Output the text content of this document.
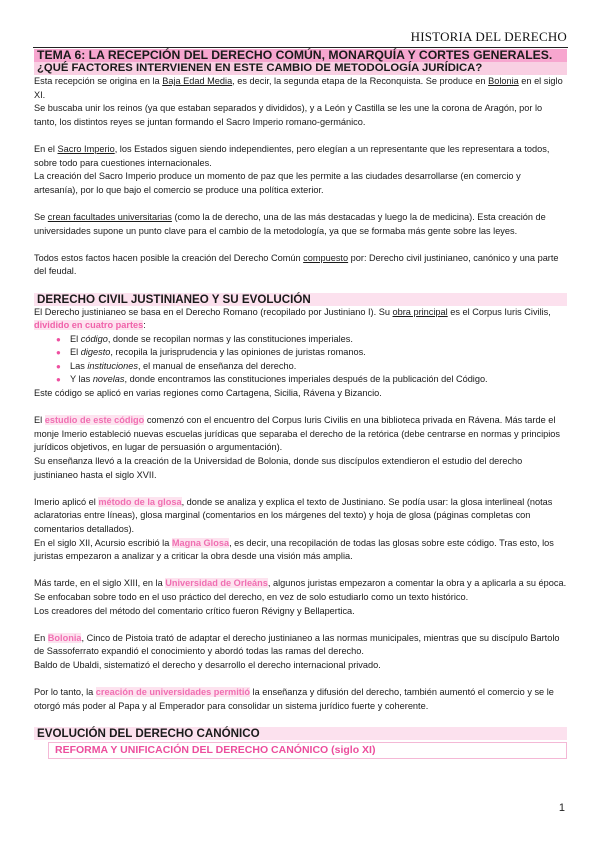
HISTORIA DEL DERECHO
TEMA 6: LA RECEPCIÓN DEL DERECHO COMÚN, MONARQUÍA Y CORTES GENERALES.
¿QUÉ FACTORES INTERVIENEN EN ESTE CAMBIO DE METODOLOGÍA JURÍDICA?

Esta recepción se origina en la Baja Edad Media, es decir, la segunda etapa de la Reconquista. Se produce en Bolonia en el siglo XI.

Se buscaba unir los reinos (ya que estaban separados y divididos), y a León y Castilla se les une la corona de Aragón, por lo tanto, los distintos reyes se juntan formando el Sacro Imperio romano-germánico.

En el Sacro Imperio, los Estados siguen siendo independientes, pero elegían a un representante que les representara a todos, sobre todo para cuestiones internacionales.

La creación del Sacro Imperio produce un momento de paz que les permite a las ciudades desarrollarse (en comercio y artesanía), por lo que bajo el comercio se produce una política exterior.

Se crean facultades universitarias (como la de derecho, una de las más destacadas y luego la de medicina). Esta creación de universidades supone un punto clave para el cambio de la metodología, ya que se formaba más gente sobre las leyes.

Todos estos factos hacen posible la creación del Derecho Común compuesto por: Derecho civil justinianeo, canónico y una parte del feudal.

DERECHO CIVIL JUSTINIANEO Y SU EVOLUCIÓN

El Derecho justinianeo se basa en el Derecho Romano (recopilado por Justiniano I). Su obra principal es el Corpus Iuris Civilis, dividido en cuatro partes:

● El código, donde se recopilan normas y las constituciones imperiales.
● El digesto, recopila la jurisprudencia y las opiniones de juristas romanos.
● Las instituciones, el manual de enseñanza del derecho.
● Y las novelas, donde encontramos las constituciones imperiales después de la publicación del Código.

Este código se aplicó en varias regiones como Cartagena, Sicilia, Rávena y Bizancio.

El estudio de este código comenzó con el encuentro del Corpus Iuris Civilis en una biblioteca privada en Rávena. Más tarde el monje Imerio estableció nuevas escuelas jurídicas que separaba el derecho de la retórica (debe centrarse en normas y principios jurídicos objetivos, en lugar de persuasión o argumentación).

Su enseñanza llevó a la creación de la Universidad de Bolonia, donde sus discípulos extendieron el estudio del derecho justinianeo hasta el siglo XVII.

Imerio aplicó el método de la glosa, donde se analiza y explica el texto de Justiniano. Se podía usar: la glosa interlineal (notas aclaratorias entre líneas), glosa marginal (comentarios en los márgenes del texto) y hoja de glosa (páginas completas con comentarios detallados).

En el siglo XII, Acursio escribió la Magna Glosa, es decir, una recopilación de todas las glosas sobre este código. Tras esto, los juristas empezaron a analizar y a criticar la obra desde una visión más amplia.

Más tarde, en el siglo XIII, en la Universidad de Orleáns, algunos juristas empezaron a comentar la obra y a aplicarla a su época.

Se enfocaban sobre todo en el uso práctico del derecho, en vez de solo estudiarlo como un texto histórico.

Los creadores del método del comentario crítico fueron Révigny y Bellapertica.

En Bolonia, Cinco de Pistoia trató de adaptar el derecho justinianeo a las normas municipales, mientras que su discípulo Bartolo de Sassoferrato expandió el conocimiento y abordó todas las ramas del derecho.

Baldo de Ubaldi, sistematizó el derecho y desarrollo el derecho internacional privado.

Por lo tanto, la creación de universidades permitió la enseñanza y difusión del derecho, también aumentó el comercio y se le otorgó más poder al Papa y al Emperador para consolidar un sistema jurídico fuerte y coherente.

EVOLUCIÓN DEL DERECHO CANÓNICO
REFORMA Y UNIFICACIÓN DEL DERECHO CANÓNICO (siglo XI)
1
